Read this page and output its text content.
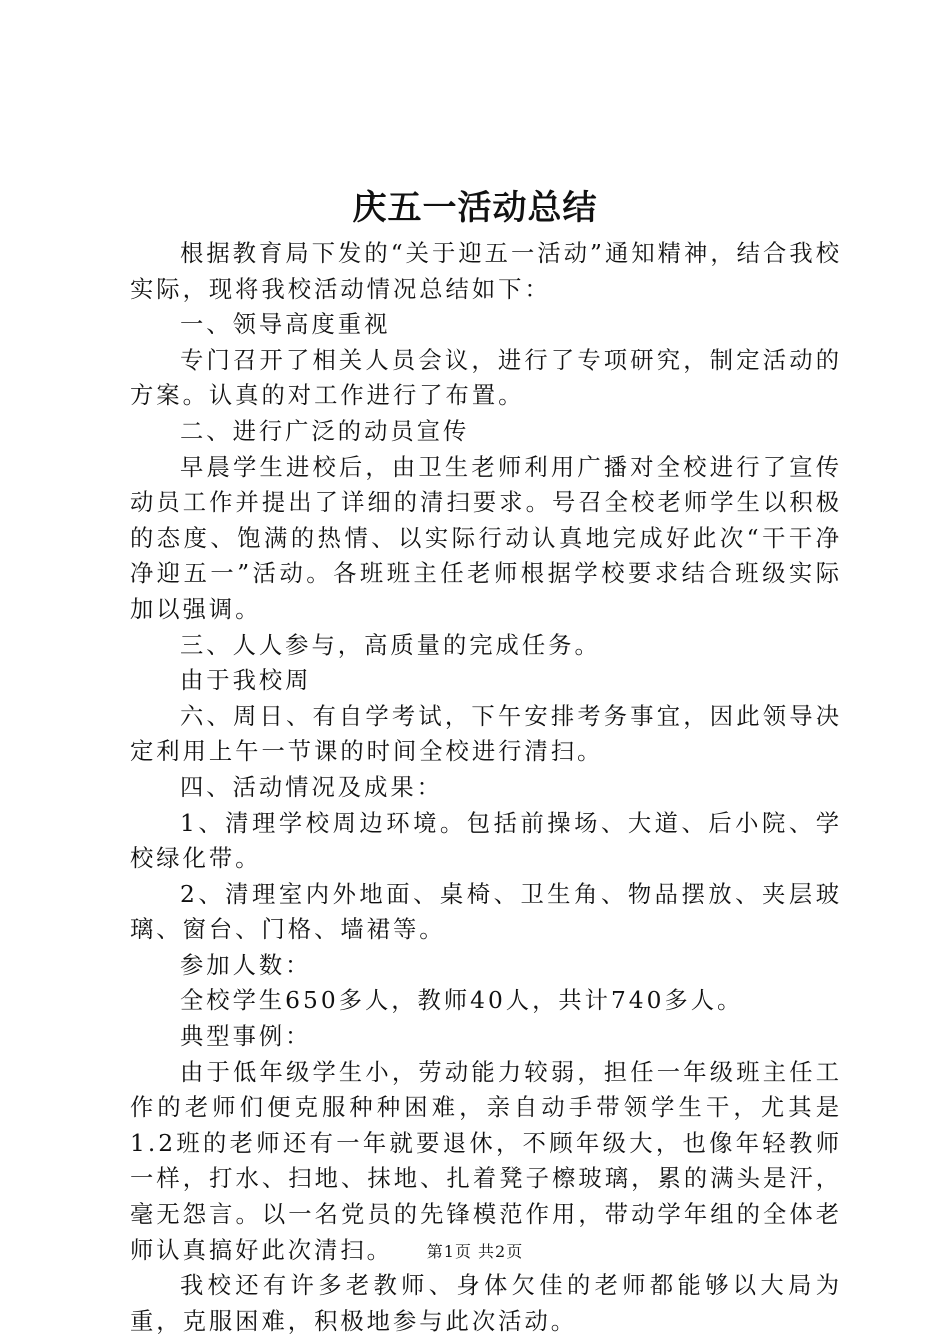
庆五一活动总结

根据教育局下发的“关于迎五一活动”通知精神，结合我校实际，现将我校活动情况总结如下：

一、领导高度重视

专门召开了相关人员会议，进行了专项研究，制定活动的方案。认真的对工作进行了布置。

二、进行广泛的动员宣传

早晨学生进校后，由卫生老师利用广播对全校进行了宣传动员工作并提出了详细的清扫要求。号召全校老师学生以积极的态度、饱满的热情、以实际行动认真地完成好此次“干干净净迎五一”活动。各班班主任老师根据学校要求结合班级实际加以强调。

三、人人参与，高质量的完成任务。

由于我校周

六、周日、有自学考试，下午安排考务事宜，因此领导决定利用上午一节课的时间全校进行清扫。

四、活动情况及成果：

1、清理学校周边环境。包括前操场、大道、后小院、学校绿化带。

2、清理室内外地面、桌椅、卫生角、物品摆放、夹层玻璃、窗台、门格、墙裙等。

参加人数：

全校学生650多人，教师40人，共计740多人。

典型事例：

由于低年级学生小，劳动能力较弱，担任一年级班主任工作的老师们便克服种种困难，亲自动手带领学生干，尤其是1.2班的老师还有一年就要退休，不顾年级大，也像年轻教师一样，打水、扫地、抹地、扎着凳子檫玻璃，累的满头是汗，毫无怨言。以一名党员的先锋模范作用，带动学年组的全体老师认真搞好此次清扫。

我校还有许多老教师、身体欠佳的老师都能够以大局为重，克服困难，积极地参与此次活动。

第1页 共2页
